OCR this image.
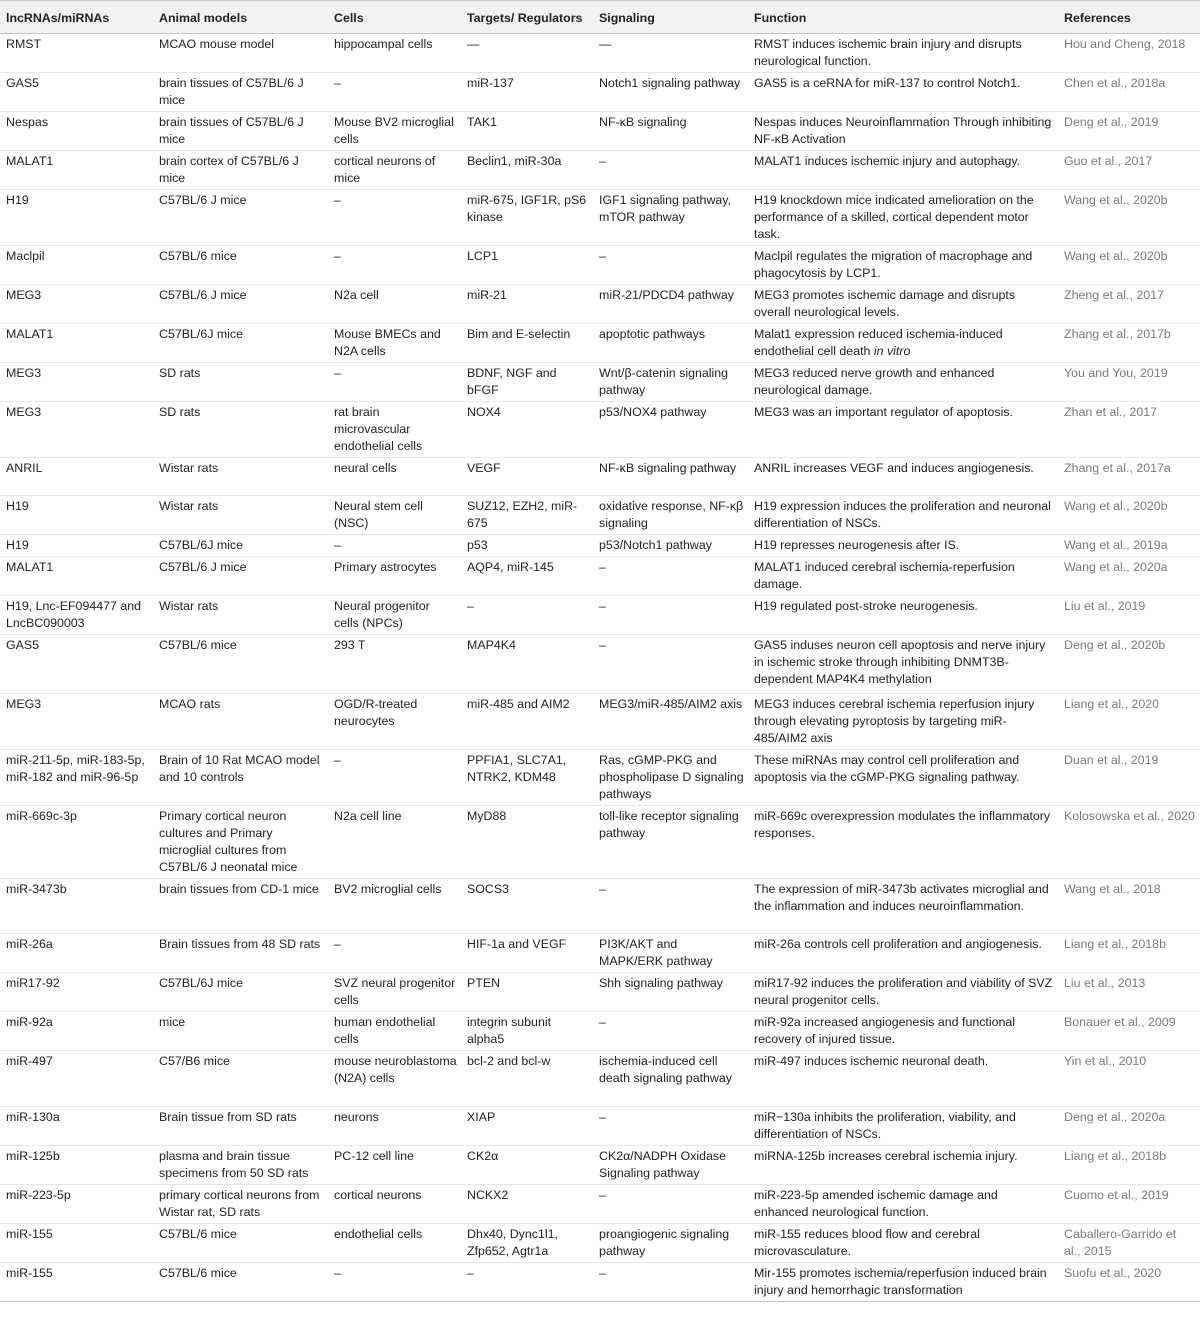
lncRNAs/miRNAs	Animal models	Cells	Targets/ Regulators	Signaling	Function	References
RMST	MCAO mouse model	hippocampal cells	—	—	RMST induces ischemic brain injury and disrupts neurological function.	Hou and Cheng, 2018
GAS5	brain tissues of C57BL/6 J mice	–	miR-137	Notch1 signaling pathway	GAS5 is a ceRNA for miR-137 to control Notch1.	Chen et al., 2018a
Nespas	brain tissues of C57BL/6 J mice	Mouse BV2 microglial cells	TAK1	NF-κB signaling	Nespas induces Neuroinflammation Through inhibiting NF-κB Activation	Deng et al., 2019
MALAT1	brain cortex of C57BL/6 J mice	cortical neurons of mice	Beclin1, miR-30a	–	MALAT1 induces ischemic injury and autophagy.	Guo et al., 2017
H19	C57BL/6 J mice	–	miR-675, IGF1R, pS6 kinase	IGF1 signaling pathway, mTOR pathway	H19 knockdown mice indicated amelioration on the performance of a skilled, cortical dependent motor task.	Wang et al., 2020b
Maclpil	C57BL/6 mice	–	LCP1	–	Maclpil regulates the migration of macrophage and phagocytosis by LCP1.	Wang et al., 2020b
MEG3	C57BL/6 J mice	N2a cell	miR-21	miR-21/PDCD4 pathway	MEG3 promotes ischemic damage and disrupts overall neurological levels.	Zheng et al., 2017
MALAT1	C57BL/6J mice	Mouse BMECs and N2A cells	Bim and E-selectin	apoptotic pathways	Malat1 expression reduced ischemia-induced endothelial cell death in vitro	Zhang et al., 2017b
MEG3	SD rats	–	BDNF, NGF and bFGF	Wnt/β-catenin signaling pathway	MEG3 reduced nerve growth and enhanced neurological damage.	You and You, 2019
MEG3	SD rats	rat brain microvascular endothelial cells	NOX4	p53/NOX4 pathway	MEG3 was an important regulator of apoptosis.	Zhan et al., 2017
ANRIL	Wistar rats	neural cells	VEGF	NF-κB signaling pathway	ANRIL increases VEGF and induces angiogenesis.	Zhang et al., 2017a
H19	Wistar rats	Neural stem cell (NSC)	SUZ12, EZH2, miR-675	oxidative response, NF-κβ signaling	H19 expression induces the proliferation and neuronal differentiation of NSCs.	Wang et al., 2020b
H19	C57BL/6J mice	–	p53	p53/Notch1 pathway	H19 represses neurogenesis after IS.	Wang et al., 2019a
MALAT1	C57BL/6 J mice	Primary astrocytes	AQP4, miR-145	–	MALAT1 induced cerebral ischemia-reperfusion damage.	Wang et al., 2020a
H19, Lnc-EF094477 and LncBC090003	Wistar rats	Neural progenitor cells (NPCs)	–	–	H19 regulated post-stroke neurogenesis.	Liu et al., 2019
GAS5	C57BL/6 mice	293 T	MAP4K4	–	GAS5 induses neuron cell apoptosis and nerve injury in ischemic stroke through inhibiting DNMT3B-dependent MAP4K4 methylation	Deng et al., 2020b
MEG3	MCAO rats	OGD/R-treated neurocytes	miR-485 and AIM2	MEG3/miR-485/AIM2 axis	MEG3 induces cerebral ischemia reperfusion injury through elevating pyroptosis by targeting miR-485/AIM2 axis	Liang et al., 2020
miR-211-5p, miR-183-5p, miR-182 and miR-96-5p	Brain of 10 Rat MCAO model and 10 controls	–	PPFIA1, SLC7A1, NTRK2, KDM48	Ras, cGMP-PKG and phospholipase D signaling pathways	These miRNAs may control cell proliferation and apoptosis via the cGMP-PKG signaling pathway.	Duan et al., 2019
miR-669c-3p	Primary cortical neuron cultures and Primary microglial cultures from C57BL/6 J neonatal mice	N2a cell line	MyD88	toll-like receptor signaling pathway	miR-669c overexpression modulates the inflammatory responses.	Kolosowska et al., 2020
miR-3473b	brain tissues from CD-1 mice	BV2 microglial cells	SOCS3	–	The expression of miR-3473b activates microglial and the inflammation and induces neuroinflammation.	Wang et al., 2018
miR-26a	Brain tissues from 48 SD rats	–	HIF-1a and VEGF	PI3K/AKT and MAPK/ERK pathway	miR-26a controls cell proliferation and angiogenesis.	Liang et al., 2018b
miR17-92	C57BL/6J mice	SVZ neural progenitor cells	PTEN	Shh signaling pathway	miR17-92 induces the proliferation and viability of SVZ neural progenitor cells.	Liu et al., 2013
miR-92a	mice	human endothelial cells	integrin subunit alpha5	–	miR-92a increased angiogenesis and functional recovery of injured tissue.	Bonauer et al., 2009
miR-497	C57/B6 mice	mouse neuroblastoma (N2A) cells	bcl-2 and bcl-w	ischemia-induced cell death signaling pathway	miR-497 induces ischemic neuronal death.	Yin et al., 2010
miR-130a	Brain tissue from SD rats	neurons	XIAP	–	miR−130a inhibits the proliferation, viability, and differentiation of NSCs.	Deng et al., 2020a
miR-125b	plasma and brain tissue specimens from 50 SD rats	PC-12 cell line	CK2α	CK2α/NADPH Oxidase Signaling pathway	miRNA-125b increases cerebral ischemia injury.	Liang et al., 2018b
miR-223-5p	primary cortical neurons from Wistar rat, SD rats	cortical neurons	NCKX2	–	miR-223-5p amended ischemic damage and enhanced neurological function.	Cuomo et al., 2019
miR-155	C57BL/6 mice	endothelial cells	Dhx40, Dync1l1, Zfp652, Agtr1a	proangiogenic signaling pathway	miR-155 reduces blood flow and cerebral microvasculature.	Caballero-Garrido et al., 2015
miR-155	C57BL/6 mice	–	–	–	Mir-155 promotes ischemia/reperfusion induced brain injury and hemorrhagic transformation	Suofu et al., 2020
